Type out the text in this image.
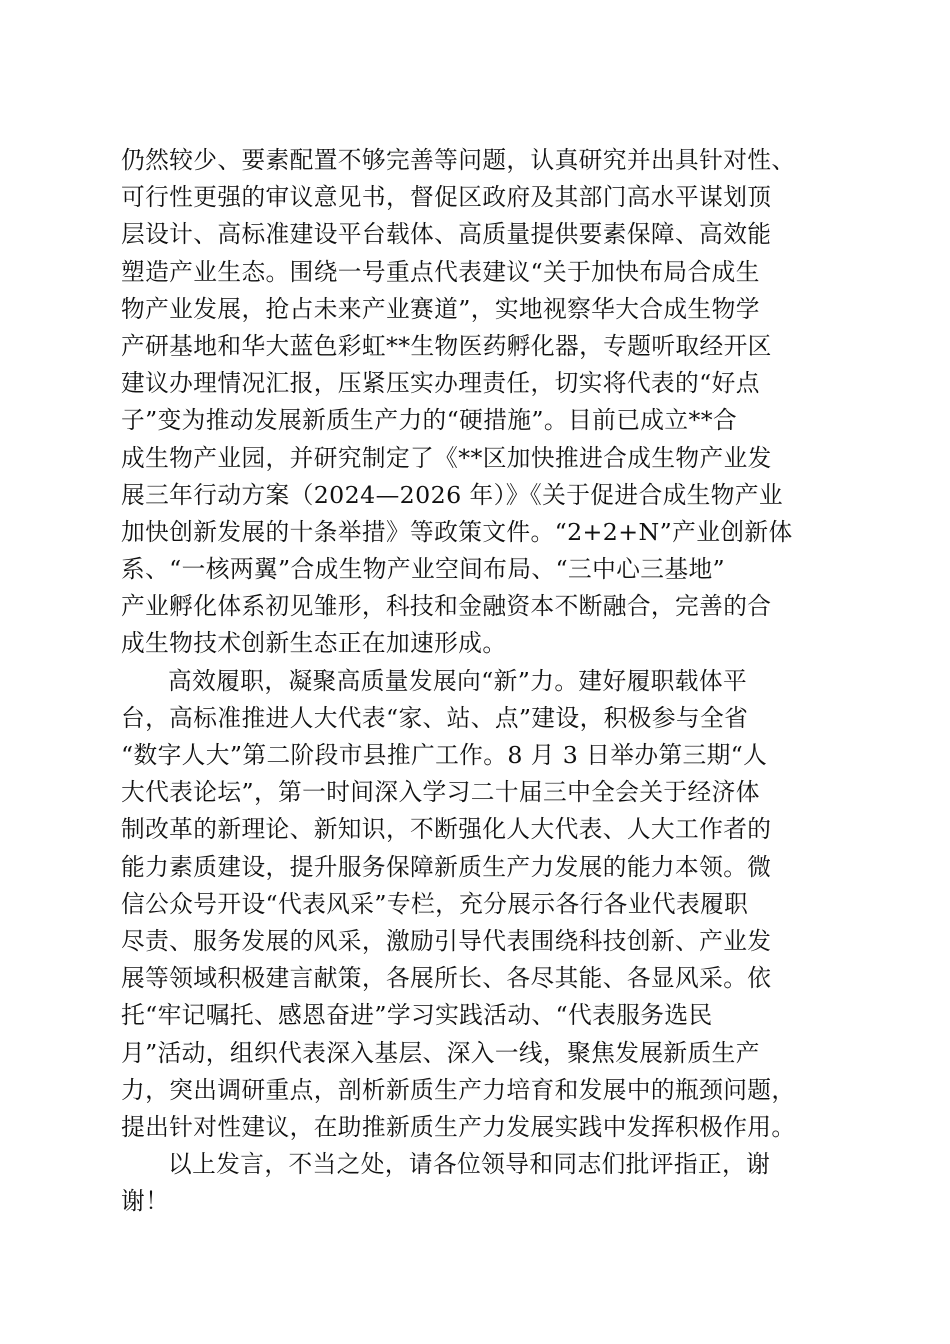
仍然较少、要素配置不够完善等问题，认真研究并出具针对性、
可行性更强的审议意见书，督促区政府及其部门高水平谋划顶
层设计、高标准建设平台载体、高质量提供要素保障、高效能
塑造产业生态。围绕一号重点代表建议“关于加快布局合成生
物产业发展，抢占未来产业赛道”，实地视察华大合成生物学
产研基地和华大蓝色彩虹**生物医药孵化器，专题听取经开区
建议办理情况汇报，压紧压实办理责任，切实将代表的“好点
子”变为推动发展新质生产力的“硬措施”。目前已成立**合
成生物产业园，并研究制定了《**区加快推进合成生物产业发
展三年行动方案（2024—2026 年）》《关于促进合成生物产业
加快创新发展的十条举措》等政策文件。“2+2+N”产业创新体
系、“一核两翼”合成生物产业空间布局、“三中心三基地”
产业孵化体系初见雏形，科技和金融资本不断融合，完善的合
成生物技术创新生态正在加速形成。
高效履职，凝聚高质量发展向“新”力。建好履职载体平
台，高标准推进人大代表“家、站、点”建设，积极参与全省
“数字人大”第二阶段市县推广工作。8 月 3 日举办第三期“人
大代表论坛”，第一时间深入学习二十届三中全会关于经济体
制改革的新理论、新知识，不断强化人大代表、人大工作者的
能力素质建设，提升服务保障新质生产力发展的能力本领。微
信公众号开设“代表风采”专栏，充分展示各行各业代表履职
尽责、服务发展的风采，激励引导代表围绕科技创新、产业发
展等领域积极建言献策，各展所长、各尽其能、各显风采。依
托“牢记嘱托、感恩奋进”学习实践活动、“代表服务选民
月”活动，组织代表深入基层、深入一线，聚焦发展新质生产
力，突出调研重点，剖析新质生产力培育和发展中的瓶颈问题，
提出针对性建议，在助推新质生产力发展实践中发挥积极作用。
以上发言，不当之处，请各位领导和同志们批评指正，谢
谢！
